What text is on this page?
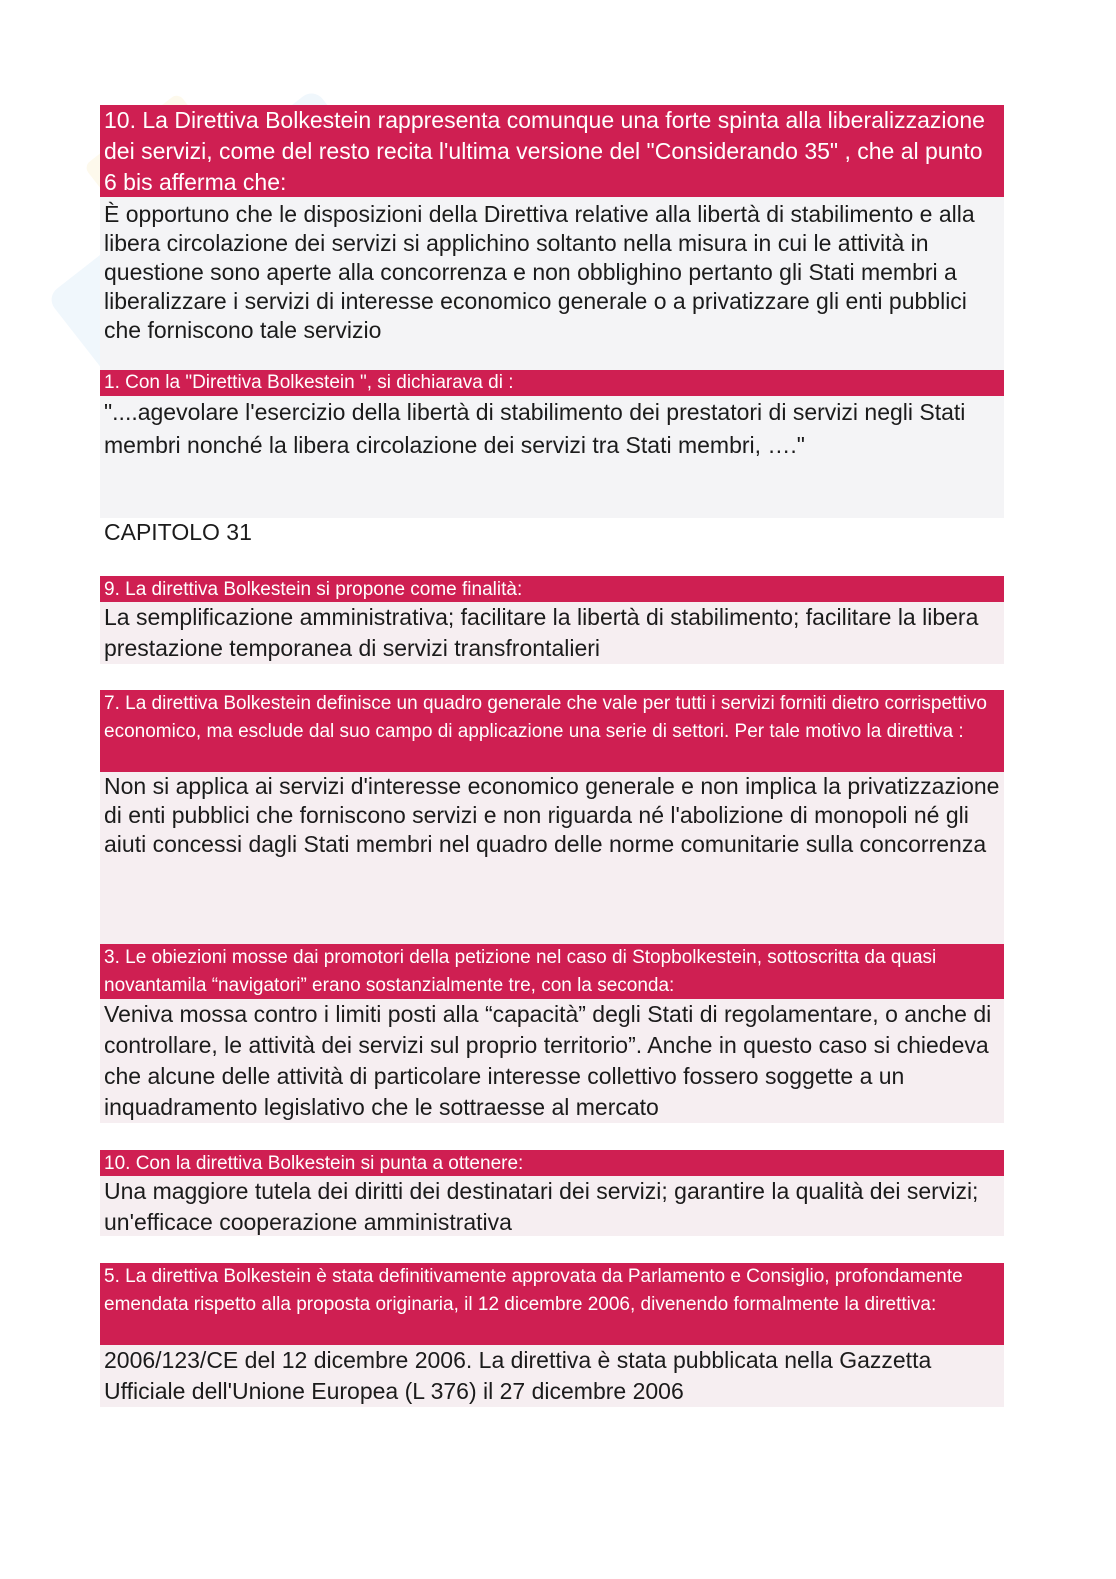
10. La Direttiva Bolkestein rappresenta comunque una forte spinta alla liberalizzazione dei servizi, come del resto recita l'ultima versione del "Considerando 35" , che al punto 6 bis afferma che:

È opportuno che le disposizioni della Direttiva relative alla libertà di stabilimento e alla libera circolazione dei servizi si applichino soltanto nella misura in cui le attività in questione sono aperte alla concorrenza e non obblighino pertanto gli Stati membri a liberalizzare i servizi di interesse economico generale o a privatizzare gli enti pubblici che forniscono tale servizio

1. Con la "Direttiva Bolkestein ", si dichiarava di :

"....agevolare l'esercizio della libertà di stabilimento dei prestatori di servizi negli Stati membri nonché la libera circolazione dei servizi tra Stati membri, …."

CAPITOLO 31

9. La direttiva Bolkestein si propone come finalità:

La semplificazione amministrativa; facilitare la libertà di stabilimento; facilitare la libera prestazione temporanea di servizi transfrontalieri

7. La direttiva Bolkestein definisce un quadro generale che vale per tutti i servizi forniti dietro corrispettivo economico, ma esclude dal suo campo di applicazione una serie di settori. Per tale motivo la direttiva :

Non si applica ai servizi d'interesse economico generale e non implica la privatizzazione di enti pubblici che forniscono servizi e non riguarda né l'abolizione di monopoli né gli aiuti concessi dagli Stati membri nel quadro delle norme comunitarie sulla concorrenza

3. Le obiezioni mosse dai promotori della petizione nel caso di Stopbolkestein, sottoscritta da quasi novantamila “navigatori” erano sostanzialmente tre, con la seconda:

Veniva mossa contro i limiti posti alla “capacità” degli Stati di regolamentare, o anche di controllare, le attività dei servizi sul proprio territorio”. Anche in questo caso si chiedeva che alcune delle attività di particolare interesse collettivo fossero soggette a un inquadramento legislativo che le sottraesse al mercato

10. Con la direttiva Bolkestein si punta a ottenere:

Una maggiore tutela dei diritti dei destinatari dei servizi; garantire la qualità dei servizi; un'efficace cooperazione amministrativa

5. La direttiva Bolkestein è stata definitivamente approvata da Parlamento e Consiglio, profondamente emendata rispetto alla proposta originaria, il 12 dicembre 2006, divenendo formalmente la direttiva:

2006/123/CE del 12 dicembre 2006. La direttiva è stata pubblicata nella Gazzetta Ufficiale dell'Unione Europea (L 376) il 27 dicembre 2006
